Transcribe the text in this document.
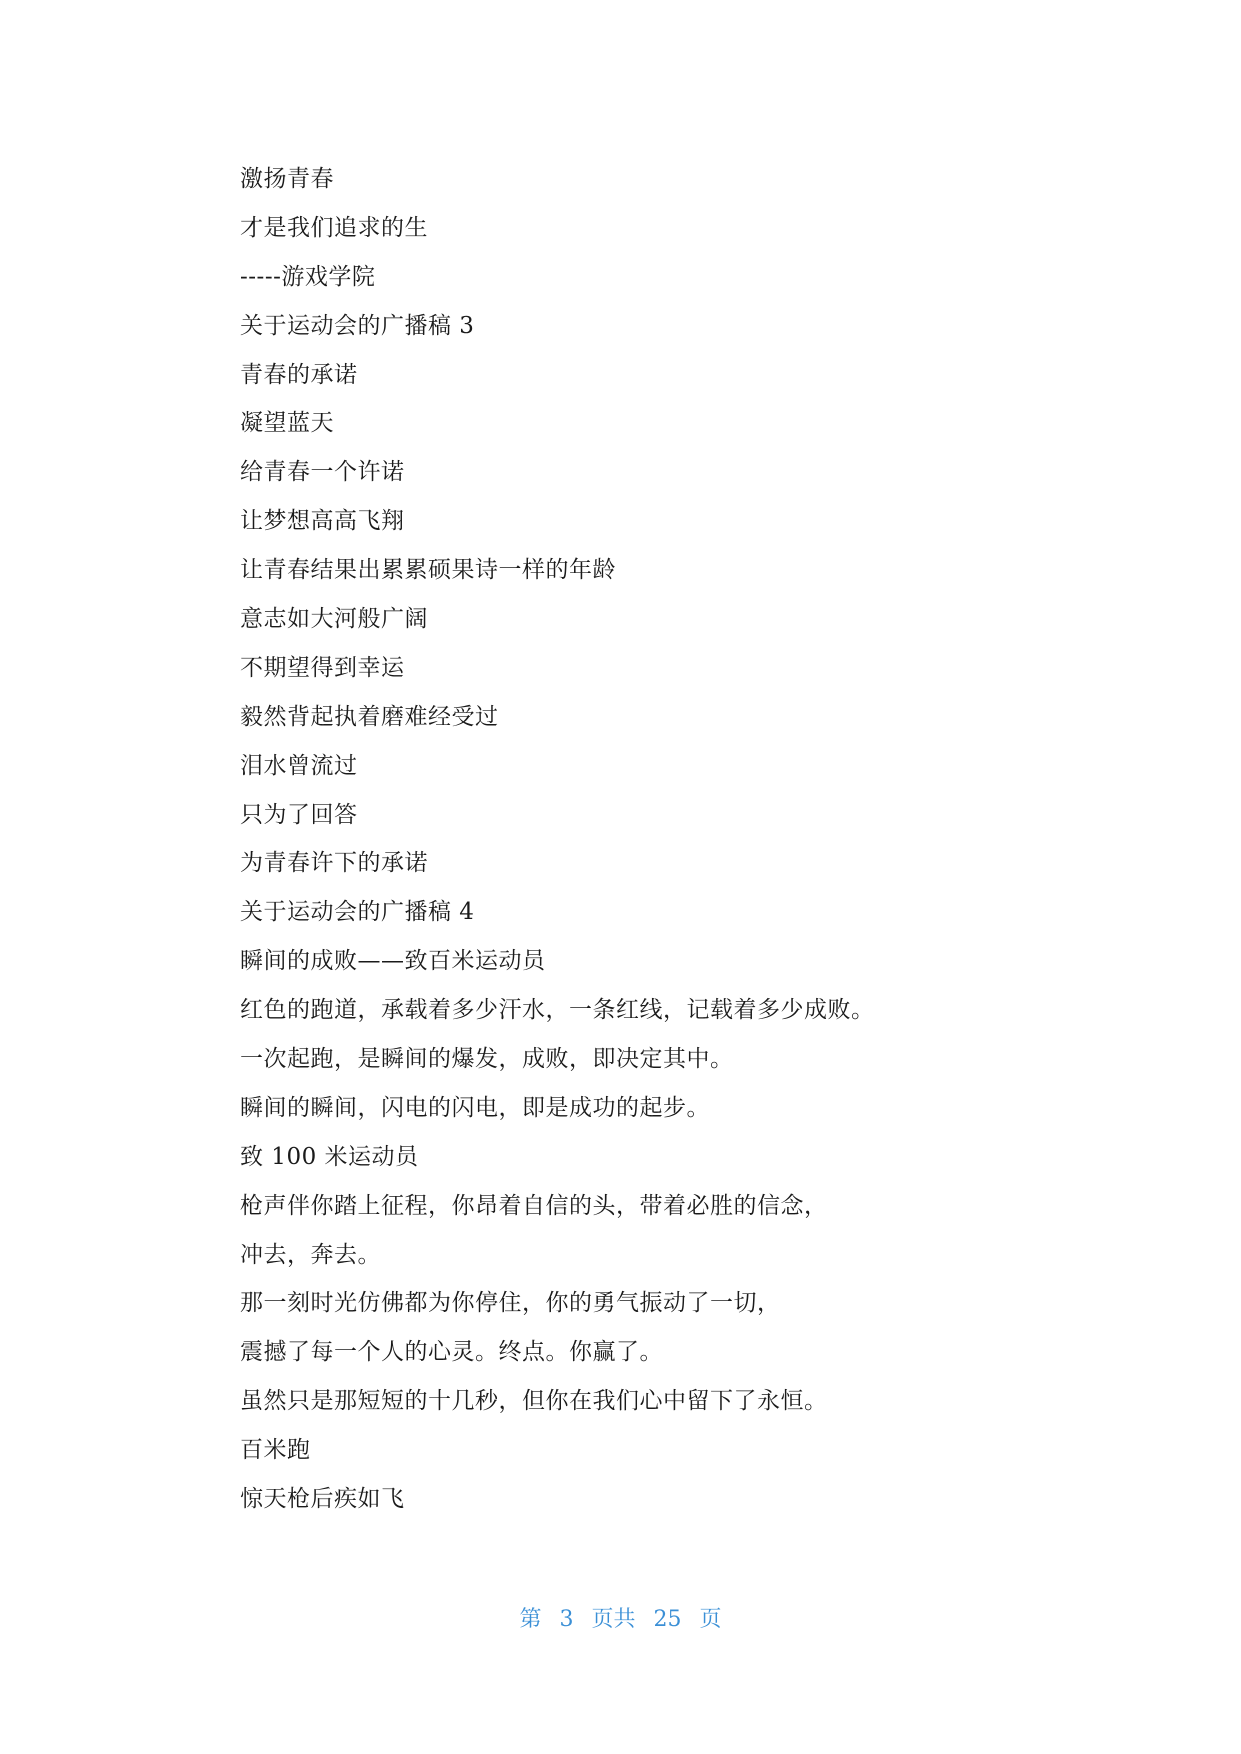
激扬青春
才是我们追求的生
-----游戏学院
关于运动会的广播稿 3
青春的承诺
凝望蓝天
给青春一个许诺
让梦想高高飞翔
让青春结果出累累硕果诗一样的年龄
意志如大河般广阔
不期望得到幸运
毅然背起执着磨难经受过
泪水曾流过
只为了回答
为青春许下的承诺
关于运动会的广播稿 4
瞬间的成败——致百米运动员
红色的跑道，承载着多少汗水，一条红线，记载着多少成败。
一次起跑，是瞬间的爆发，成败，即决定其中。
瞬间的瞬间，闪电的闪电，即是成功的起步。
致 100 米运动员
枪声伴你踏上征程，你昂着自信的头，带着必胜的信念，
冲去，奔去。
那一刻时光仿佛都为你停住，你的勇气振动了一切，
震撼了每一个人的心灵。终点。你赢了。
虽然只是那短短的十几秒，但你在我们心中留下了永恒。
百米跑
惊天枪后疾如飞
第 3 页共 25 页
